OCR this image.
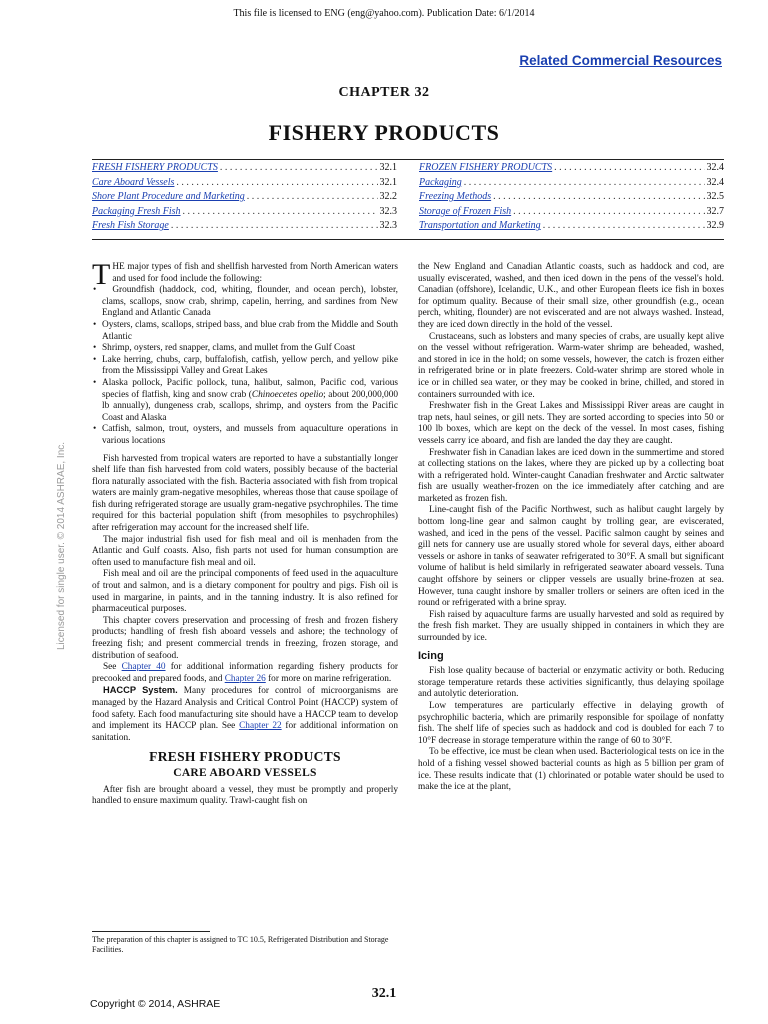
This file is licensed to ENG (eng@yahoo.com). Publication Date: 6/1/2014
Related Commercial Resources
CHAPTER 32
FISHERY PRODUCTS
FRESH FISHERY PRODUCTS . . .	32.1
Care Aboard Vessels . . .	32.1
Shore Plant Procedure and Marketing . . .	32.2
Packaging Fresh Fish . . .	32.3
Fresh Fish Storage . . .	32.3
FROZEN FISHERY PRODUCTS . . .	32.4
Packaging . . .	32.4
Freezing Methods . . .	32.5
Storage of Frozen Fish . . .	32.7
Transportation and Marketing . . .	32.9

THE major types of fish and shellfish harvested from North American waters and used for food include the following:

• Groundfish (haddock, cod, whiting, flounder, and ocean perch), lobster, clams, scallops, snow crab, shrimp, capelin, herring, and sardines from New England and Atlantic Canada
• Oysters, clams, scallops, striped bass, and blue crab from the Middle and South Atlantic
• Shrimp, oysters, red snapper, clams, and mullet from the Gulf Coast
• Lake herring, chubs, carp, buffalofish, catfish, yellow perch, and yellow pike from the Mississippi Valley and Great Lakes
• Alaska pollock, Pacific pollock, tuna, halibut, salmon, Pacific cod, various species of flatfish, king and snow crab (Chinoecetes opelio; about 200,000,000 lb annually), dungeness crab, scallops, shrimp, and oysters from the Pacific Coast and Alaska
• Catfish, salmon, trout, oysters, and mussels from aquaculture operations in various locations

Fish harvested from tropical waters are reported to have a substantially longer shelf life than fish harvested from cold waters, possibly because of the bacterial flora naturally associated with the fish. Bacteria associated with fish from tropical waters are mainly gram-negative mesophiles, whereas those that cause spoilage of fish during refrigerated storage are usually gram-negative psychrophiles. The time required for this bacterial population shift (from mesophiles to psychrophiles) after refrigeration may account for the increased shelf life.

The major industrial fish used for fish meal and oil is menhaden from the Atlantic and Gulf coasts. Also, fish parts not used for human consumption are often used to manufacture fish meal and oil.

Fish meal and oil are the principal components of feed used in the aquaculture of trout and salmon, and is a dietary component for poultry and pigs. Fish oil is used in margarine, in paints, and in the tanning industry. It is also refined for pharmaceutical purposes.

This chapter covers preservation and processing of fresh and frozen fishery products; handling of fresh fish aboard vessels and ashore; the technology of freezing fish; and present commercial trends in freezing, frozen storage, and distribution of seafood.

See Chapter 40 for additional information regarding fishery products for precooked and prepared foods, and Chapter 26 for more on marine refrigeration.

HACCP System. Many procedures for control of microorganisms are managed by the Hazard Analysis and Critical Control Point (HACCP) system of food safety. Each food manufacturing site should have a HACCP team to develop and implement its HACCP plan. See Chapter 22 for additional information on sanitation.

FRESH FISHERY PRODUCTS
CARE ABOARD VESSELS

After fish are brought aboard a vessel, they must be promptly and properly handled to ensure maximum quality. Trawl-caught fish on

the New England and Canadian Atlantic coasts, such as haddock and cod, are usually eviscerated, washed, and then iced down in the pens of the vessel's hold. Canadian (offshore), Icelandic, U.K., and other European fleets ice fish in boxes for optimum quality. Because of their small size, other groundfish (e.g., ocean perch, whiting, flounder) are not eviscerated and are not always washed. Instead, they are iced down directly in the hold of the vessel.

Crustaceans, such as lobsters and many species of crabs, are usually kept alive on the vessel without refrigeration. Warm-water shrimp are beheaded, washed, and stored in ice in the hold; on some vessels, however, the catch is frozen either in refrigerated brine or in plate freezers. Cold-water shrimp are stored whole in ice or in chilled sea water, or they may be cooked in brine, chilled, and stored in containers surrounded with ice.

Freshwater fish in the Great Lakes and Mississippi River areas are caught in trap nets, haul seines, or gill nets. They are sorted according to species into 50 or 100 lb boxes, which are kept on the deck of the vessel. In most cases, fishing vessels carry ice aboard, and fish are landed the day they are caught.

Freshwater fish in Canadian lakes are iced down in the summertime and stored at collecting stations on the lakes, where they are picked up by a collecting boat with a refrigerated hold. Winter-caught Canadian freshwater and Arctic saltwater fish are usually weather-frozen on the ice immediately after catching and are marketed as frozen fish.

Line-caught fish of the Pacific Northwest, such as halibut caught largely by bottom long-line gear and salmon caught by trolling gear, are eviscerated, washed, and iced in the pens of the vessel. Pacific salmon caught by seines and gill nets for cannery use are usually stored whole for several days, either aboard vessels or ashore in tanks of seawater refrigerated to 30°F. A small but significant volume of halibut is held similarly in refrigerated seawater aboard vessels. Tuna caught offshore by seiners or clipper vessels are usually brine-frozen at sea. However, tuna caught inshore by smaller trollers or seiners are often iced in the round or refrigerated with a brine spray.

Fish raised by aquaculture farms are usually harvested and sold as required by the fresh fish market. They are usually shipped in containers in which they are surrounded by ice.

Icing

Fish lose quality because of bacterial or enzymatic activity or both. Reducing storage temperature retards these activities significantly, thus delaying spoilage and autolytic deterioration.

Low temperatures are particularly effective in delaying growth of psychrophilic bacteria, which are primarily responsible for spoilage of nonfatty fish. The shelf life of species such as haddock and cod is doubled for each 7 to 10°F decrease in storage temperature within the range of 60 to 30°F.

To be effective, ice must be clean when used. Bacteriological tests on ice in the hold of a fishing vessel showed bacterial counts as high as 5 billion per gram of ice. These results indicate that (1) chlorinated or potable water should be used to make the ice at the plant,

The preparation of this chapter is assigned to TC 10.5, Refrigerated Distribution and Storage Facilities.
32.1
Copyright © 2014, ASHRAE
Licensed for single user. © 2014 ASHRAE, Inc.
